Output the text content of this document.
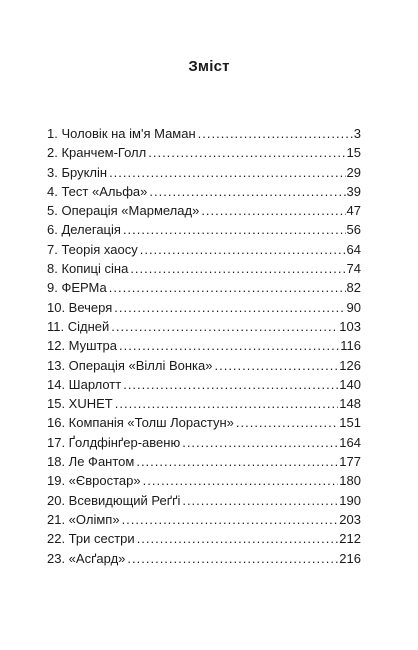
Зміст
1. Чоловік на ім'я Маман .....	3
2. Кранчем-Голл .....	15
3. Бруклін .....	29
4. Тест «Альфа» .....	39
5. Операція «Мармелад» .....	47
6. Делегація .....	56
7. Теорія хаосу .....	64
8. Копиці сіна .....	74
9. ФЕРМа .....	82
10. Вечеря .....	90
11. Сідней .....	103
12. Муштра .....	116
13. Операція «Віллі Вонка» .....	126
14. Шарлотт .....	140
15. ХUНЕТ .....	148
16. Компанія «Толш Лорастун» .....	151
17. Ґолдфінґер-авеню .....	164
18. Ле Фантом .....	177
19. «Євростар» .....	180
20. Всевидющий Реґґі .....	190
21. «Олімп» .....	203
22. Три сестри .....	212
23. «Асґард» .....	216
